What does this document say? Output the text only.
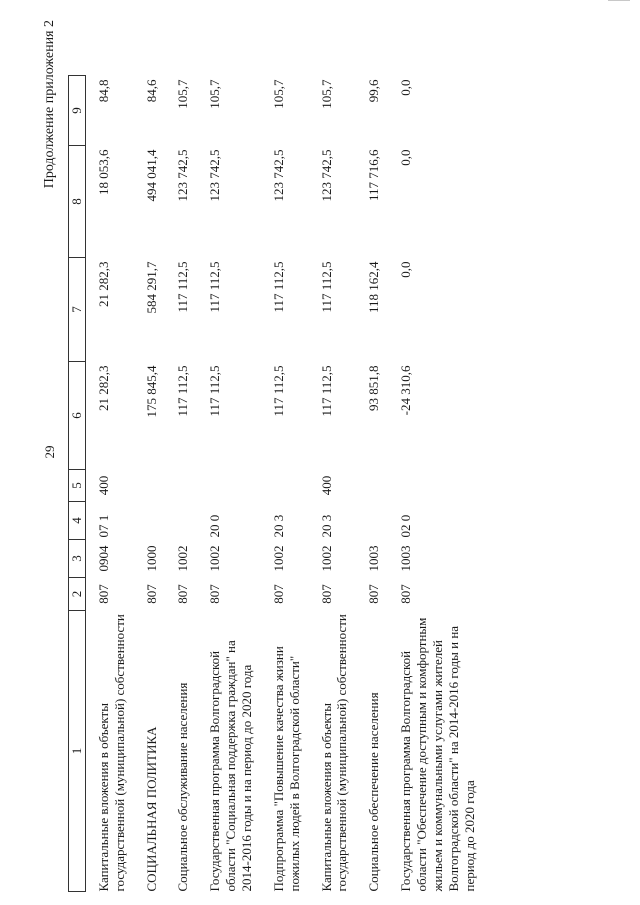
29
Продолжение приложения 2
1	2	3	4	5	6	7	8	9
Капитальные вложения в объекты государственной (муниципальной) собственности	807	0904	07 1	400	21 282,3	21 282,3	18 053,6	84,8
СОЦИАЛЬНАЯ ПОЛИТИКА	807	1000			175 845,4	584 291,7	494 041,4	84,6
Социальное обслуживание населения	807	1002			117 112,5	117 112,5	123 742,5	105,7
Государственная программа Волгоградской области "Социальная поддержка граждан" на 2014-2016 годы и на период до 2020 года	807	1002	20 0		117 112,5	117 112,5	123 742,5	105,7
Подпрограмма "Повышение качества жизни пожилых людей в Волгоградской области"	807	1002	20 3		117 112,5	117 112,5	123 742,5	105,7
Капитальные вложения в объекты государственной (муниципальной) собственности	807	1002	20 3	400	117 112,5	117 112,5	123 742,5	105,7
Социальное обеспечение населения	807	1003			93 851,8	118 162,4	117 716,6	99,6
Государственная программа Волгоградской области "Обеспечение доступным и комфортным жильем и коммунальными услугами жителей Волгоградской области" на 2014-2016 годы и на период до 2020 года	807	1003	02 0		-24 310,6	0,0	0,0	0,0
